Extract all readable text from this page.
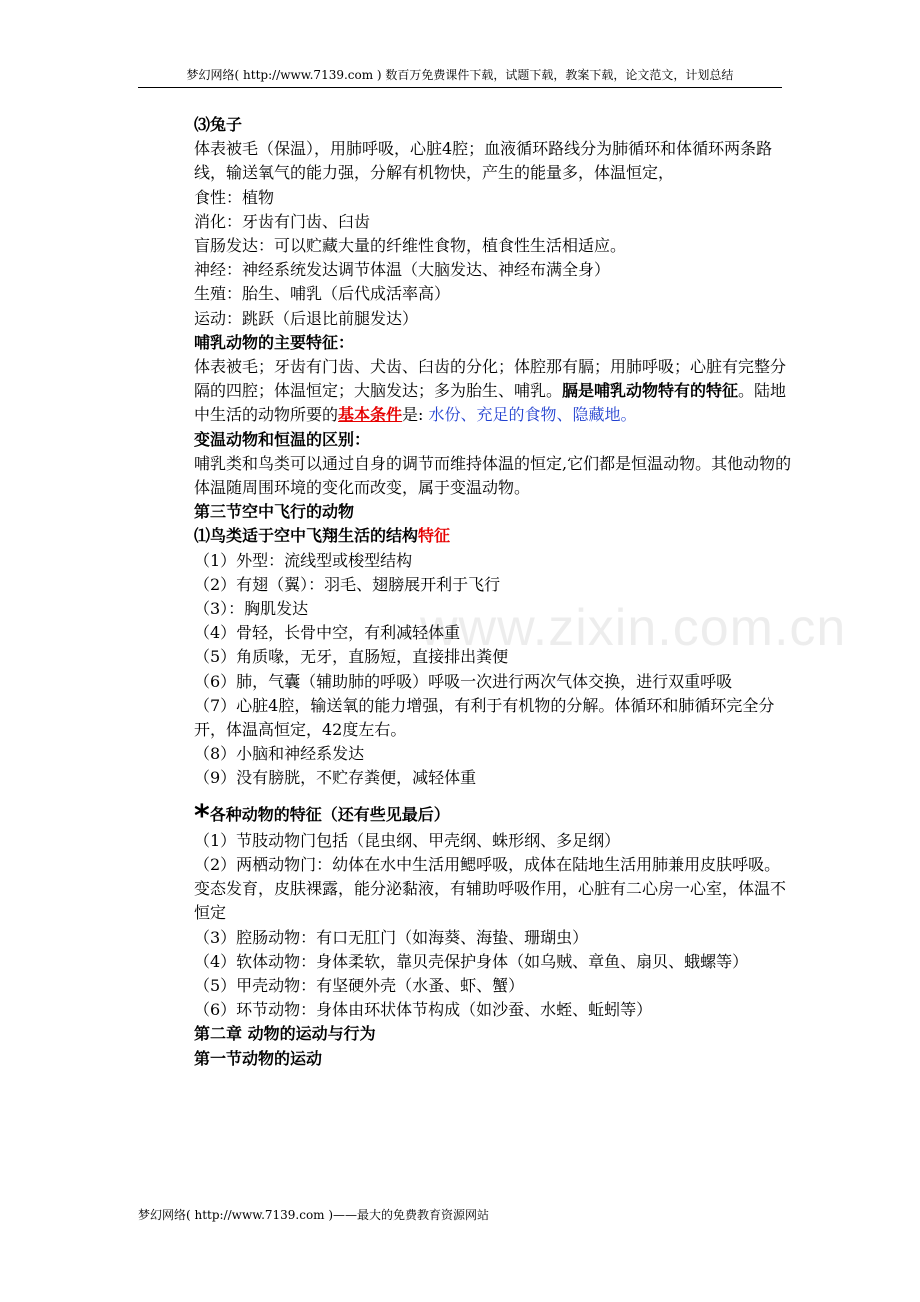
梦幻网络( http://www.7139.com ) 数百万免费课件下载，试题下载，教案下载，论文范文，计划总结
www.zixin.com.cn

⑶兔子

体表被毛（保温），用肺呼吸，心脏4腔；血液循环路线分为肺循环和体循环两条路线，输送氧气的能力强，分解有机物快，产生的能量多，体温恒定，

食性：植物

消化：牙齿有门齿、臼齿

盲肠发达：可以贮藏大量的纤维性食物，植食性生活相适应。

神经：神经系统发达调节体温（大脑发达、神经布满全身）

生殖：胎生、哺乳（后代成活率高）

运动：跳跃（后退比前腿发达）

哺乳动物的主要特征：

体表被毛；牙齿有门齿、犬齿、臼齿的分化；体腔那有膈；用肺呼吸；心脏有完整分隔的四腔；体温恒定；大脑发达；多为胎生、哺乳。膈是哺乳动物特有的特征。陆地中生活的动物所要的基本条件是: 水份、充足的食物、隐藏地。

变温动物和恒温的区别：

哺乳类和鸟类可以通过自身的调节而维持体温的恒定,它们都是恒温动物。其他动物的体温随周围环境的变化而改变，属于变温动物。

第三节空中飞行的动物

⑴鸟类适于空中飞翔生活的结构特征

（1）外型：流线型或梭型结构

（2）有翅（翼）：羽毛、翅膀展开利于飞行

（3）：胸肌发达

（4）骨轻，长骨中空，有利减轻体重

（5）角质喙，无牙，直肠短，直接排出粪便

（6）肺，气囊（辅助肺的呼吸）呼吸一次进行两次气体交换，进行双重呼吸

（7）心脏4腔，输送氧的能力增强，有利于有机物的分解。体循环和肺循环完全分开，体温高恒定，42度左右。

（8）小脑和神经系发达

（9）没有膀胱，不贮存粪便，减轻体重

*各种动物的特征（还有些见最后）

（1）节肢动物门包括（昆虫纲、甲壳纲、蛛形纲、多足纲）

（2）两栖动物门：幼体在水中生活用鳃呼吸，成体在陆地生活用肺兼用皮肤呼吸。变态发育，皮肤裸露，能分泌黏液，有辅助呼吸作用，心脏有二心房一心室，体温不恒定

（3）腔肠动物：有口无肛门（如海葵、海蛰、珊瑚虫）

（4）软体动物：身体柔软，靠贝壳保护身体（如乌贼、章鱼、扇贝、蛾螺等）

（5）甲壳动物：有坚硬外壳（水蚤、虾、蟹）

（6）环节动物：身体由环状体节构成（如沙蚕、水蛭、蚯蚓等）

第二章 动物的运动与行为

第一节动物的运动

梦幻网络( http://www.7139.com )——最大的免费教育资源网站
